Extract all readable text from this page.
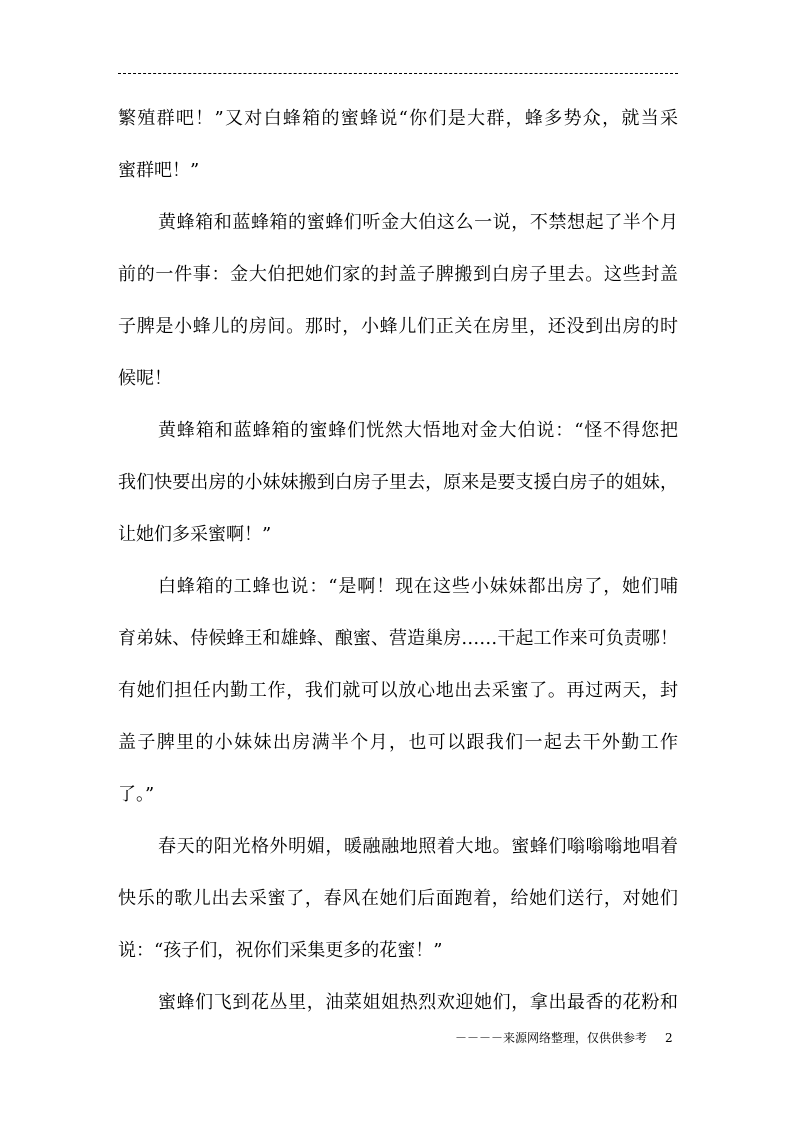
繁殖群吧！”又对白蜂箱的蜜蜂说“你们是大群，蜂多势众，就当采
蜜群吧！”
黄蜂箱和蓝蜂箱的蜜蜂们听金大伯这么一说，不禁想起了半个月
前的一件事：金大伯把她们家的封盖子脾搬到白房子里去。这些封盖
子脾是小蜂儿的房间。那时，小蜂儿们正关在房里，还没到出房的时
候呢！
黄蜂箱和蓝蜂箱的蜜蜂们恍然大悟地对金大伯说：“怪不得您把
我们快要出房的小妹妹搬到白房子里去，原来是要支援白房子的姐妹，
让她们多采蜜啊！”
白蜂箱的工蜂也说：“是啊！现在这些小妹妹都出房了，她们哺
育弟妹、侍候蜂王和雄蜂、酿蜜、营造巢房……干起工作来可负责哪！
有她们担任内勤工作，我们就可以放心地出去采蜜了。再过两天，封
盖子脾里的小妹妹出房满半个月，也可以跟我们一起去干外勤工作
了。”
春天的阳光格外明媚，暖融融地照着大地。蜜蜂们嗡嗡嗡地唱着
快乐的歌儿出去采蜜了，春风在她们后面跑着，给她们送行，对她们
说：“孩子们，祝你们采集更多的花蜜！”
蜜蜂们飞到花丛里，油菜姐姐热烈欢迎她们，拿出最香的花粉和
－－－－来源网络整理，仅供供参考 2
